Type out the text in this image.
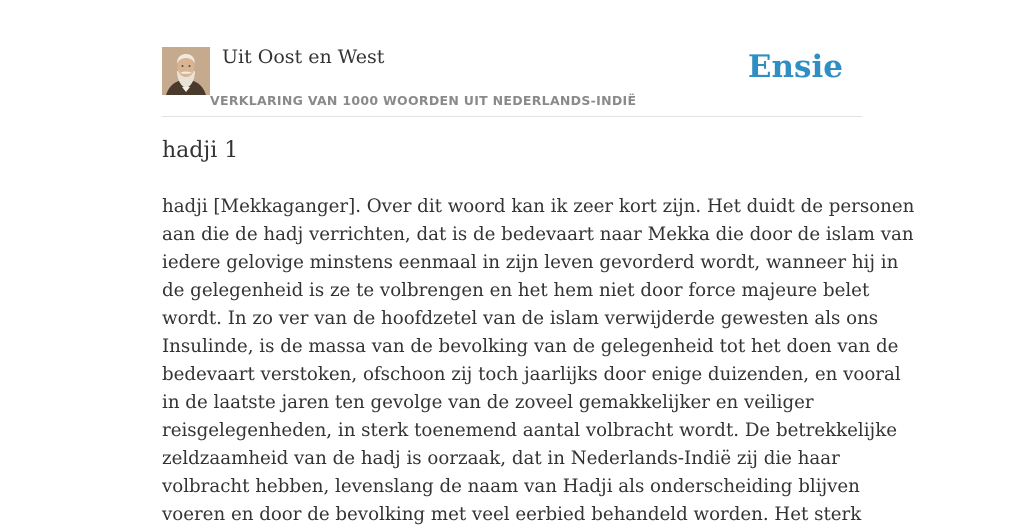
Uit Oost en West
VERKLARING VAN 1000 WOORDEN UIT NEDERLANDS-INDIË
Ensie
hadji 1
hadji [Mekkaganger]. Over dit woord kan ik zeer kort zijn. Het duidt de personen
aan die de hadj verrichten, dat is de bedevaart naar Mekka die door de islam van
iedere gelovige minstens eenmaal in zijn leven gevorderd wordt, wanneer hij in
de gelegenheid is ze te volbrengen en het hem niet door force majeure belet
wordt. In zo ver van de hoofdzetel van de islam verwijderde gewesten als ons
Insulinde, is de massa van de bevolking van de gelegenheid tot het doen van de
bedevaart verstoken, ofschoon zij toch jaarlijks door enige duizenden, en vooral
in de laatste jaren ten gevolge van de zoveel gemakkelijker en veiliger
reisgelegenheden, in sterk toenemend aantal volbracht wordt. De betrekkelijke
zeldzaamheid van de hadj is oorzaak, dat in Nederlands-Indië zij die haar
volbracht hebben, levenslang de naam van Hadji als onderscheiding blijven
voeren en door de bevolking met veel eerbied behandeld worden. Het sterk
